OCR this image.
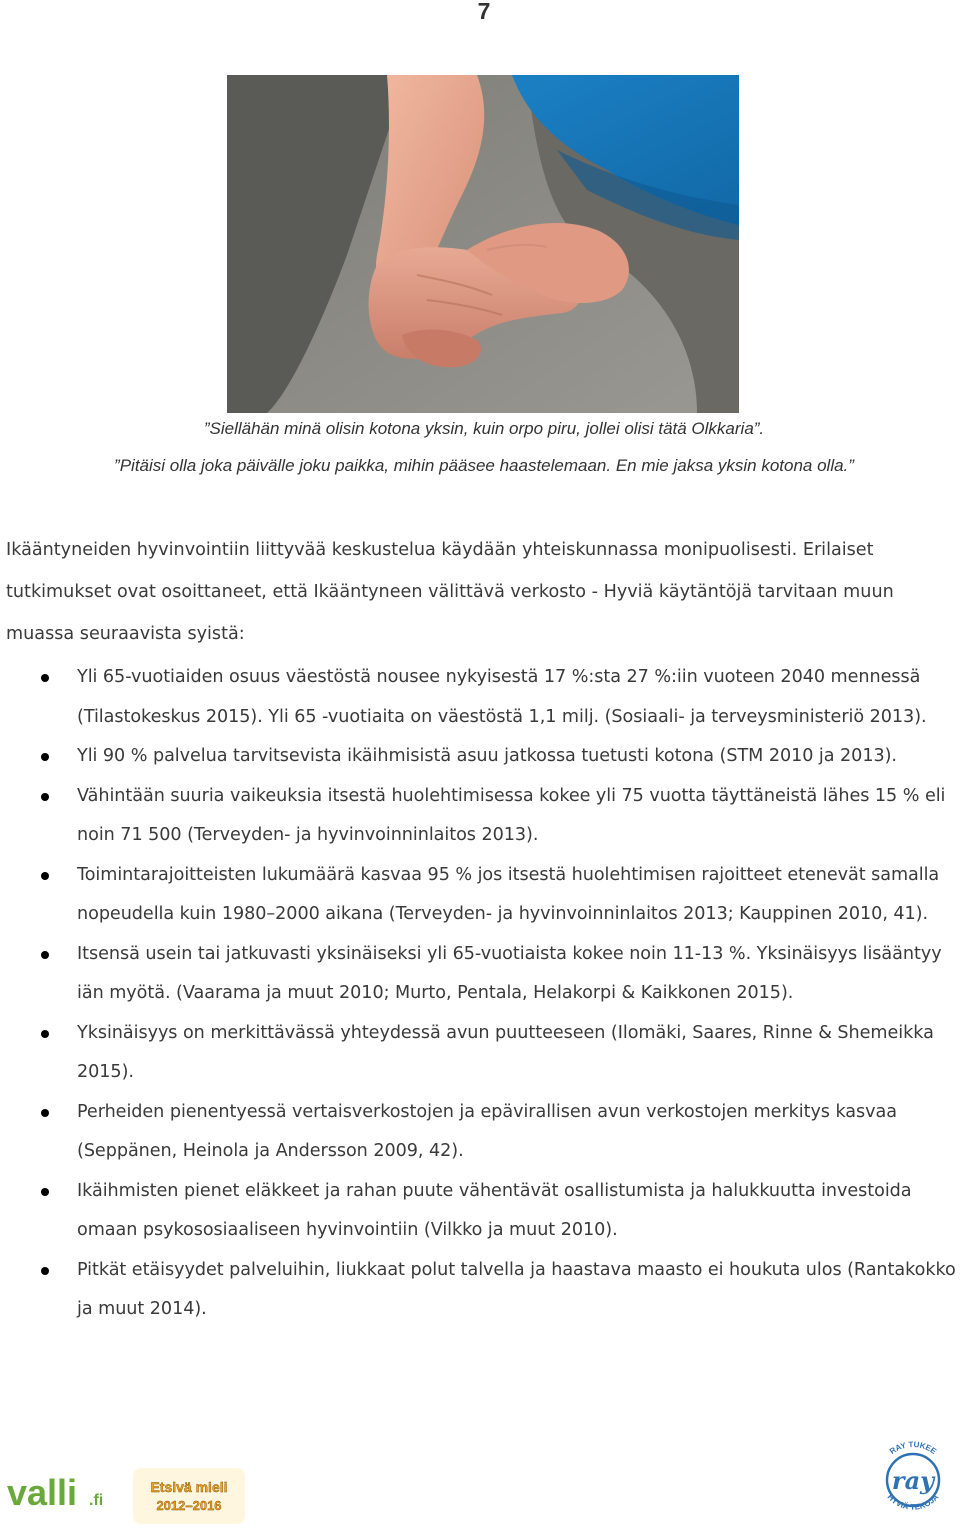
7
”Siellähän minä olisin kotona yksin, kuin orpo piru, jollei olisi tätä Olkkaria”.
”Pitäisi olla joka päivälle joku paikka, mihin pääsee haastelemaan. En mie jaksa yksin kotona olla.”
Ikääntyneiden hyvinvointiin liittyvää keskustelua käydään yhteiskunnassa monipuolisesti. Erilaiset tutkimukset ovat osoittaneet, että Ikääntyneen välittävä verkosto - Hyviä käytäntöjä tarvitaan muun muassa seuraavista syistä:
Yli 65-vuotiaiden osuus väestöstä nousee nykyisestä 17 %:sta 27 %:iin vuoteen 2040 mennessä (Tilastokeskus 2015). Yli 65 -vuotiaita on väestöstä 1,1 milj. (Sosiaali- ja terveysministeriö 2013).
Yli 90 % palvelua tarvitsevista ikäihmisistä asuu jatkossa tuetusti kotona (STM 2010 ja 2013).
Vähintään suuria vaikeuksia itsestä huolehtimisessa kokee yli 75 vuotta täyttäneistä lähes 15 % eli noin 71 500 (Terveyden- ja hyvinvoinninlaitos 2013).
Toimintarajoitteisten lukumäärä kasvaa 95 % jos itsestä huolehtimisen rajoitteet etenevät samalla nopeudella kuin 1980–2000 aikana (Terveyden- ja hyvinvoinninlaitos 2013; Kauppinen 2010, 41).
Itsensä usein tai jatkuvasti yksinäiseksi yli 65-vuotiaista kokee noin 11-13 %. Yksinäisyys lisääntyy iän myötä. (Vaarama ja muut 2010; Murto, Pentala, Helakorpi & Kaikkonen 2015).
Yksinäisyys on merkittävässä yhteydessä avun puutteeseen (Ilomäki, Saares, Rinne & Shemeikka 2015).
Perheiden pienentyessä vertaisverkostojen ja epävirallisen avun verkostojen merkitys kasvaa (Seppänen, Heinola ja Andersson 2009, 42).
Ikäihmisten pienet eläkkeet ja rahan puute vähentävät osallistumista ja halukkuutta investoida omaan psykososiaaliseen hyvinvointiin (Vilkko ja muut 2010).
Pitkät etäisyydet palveluihin, liukkaat polut talvella ja haastava maasto ei houkuta ulos (Rantakokko ja muut 2014).
valli .fi
Etsivä mieli
2012–2016
ray
RAY TUKEE
HYVIÄ TEKOJA
